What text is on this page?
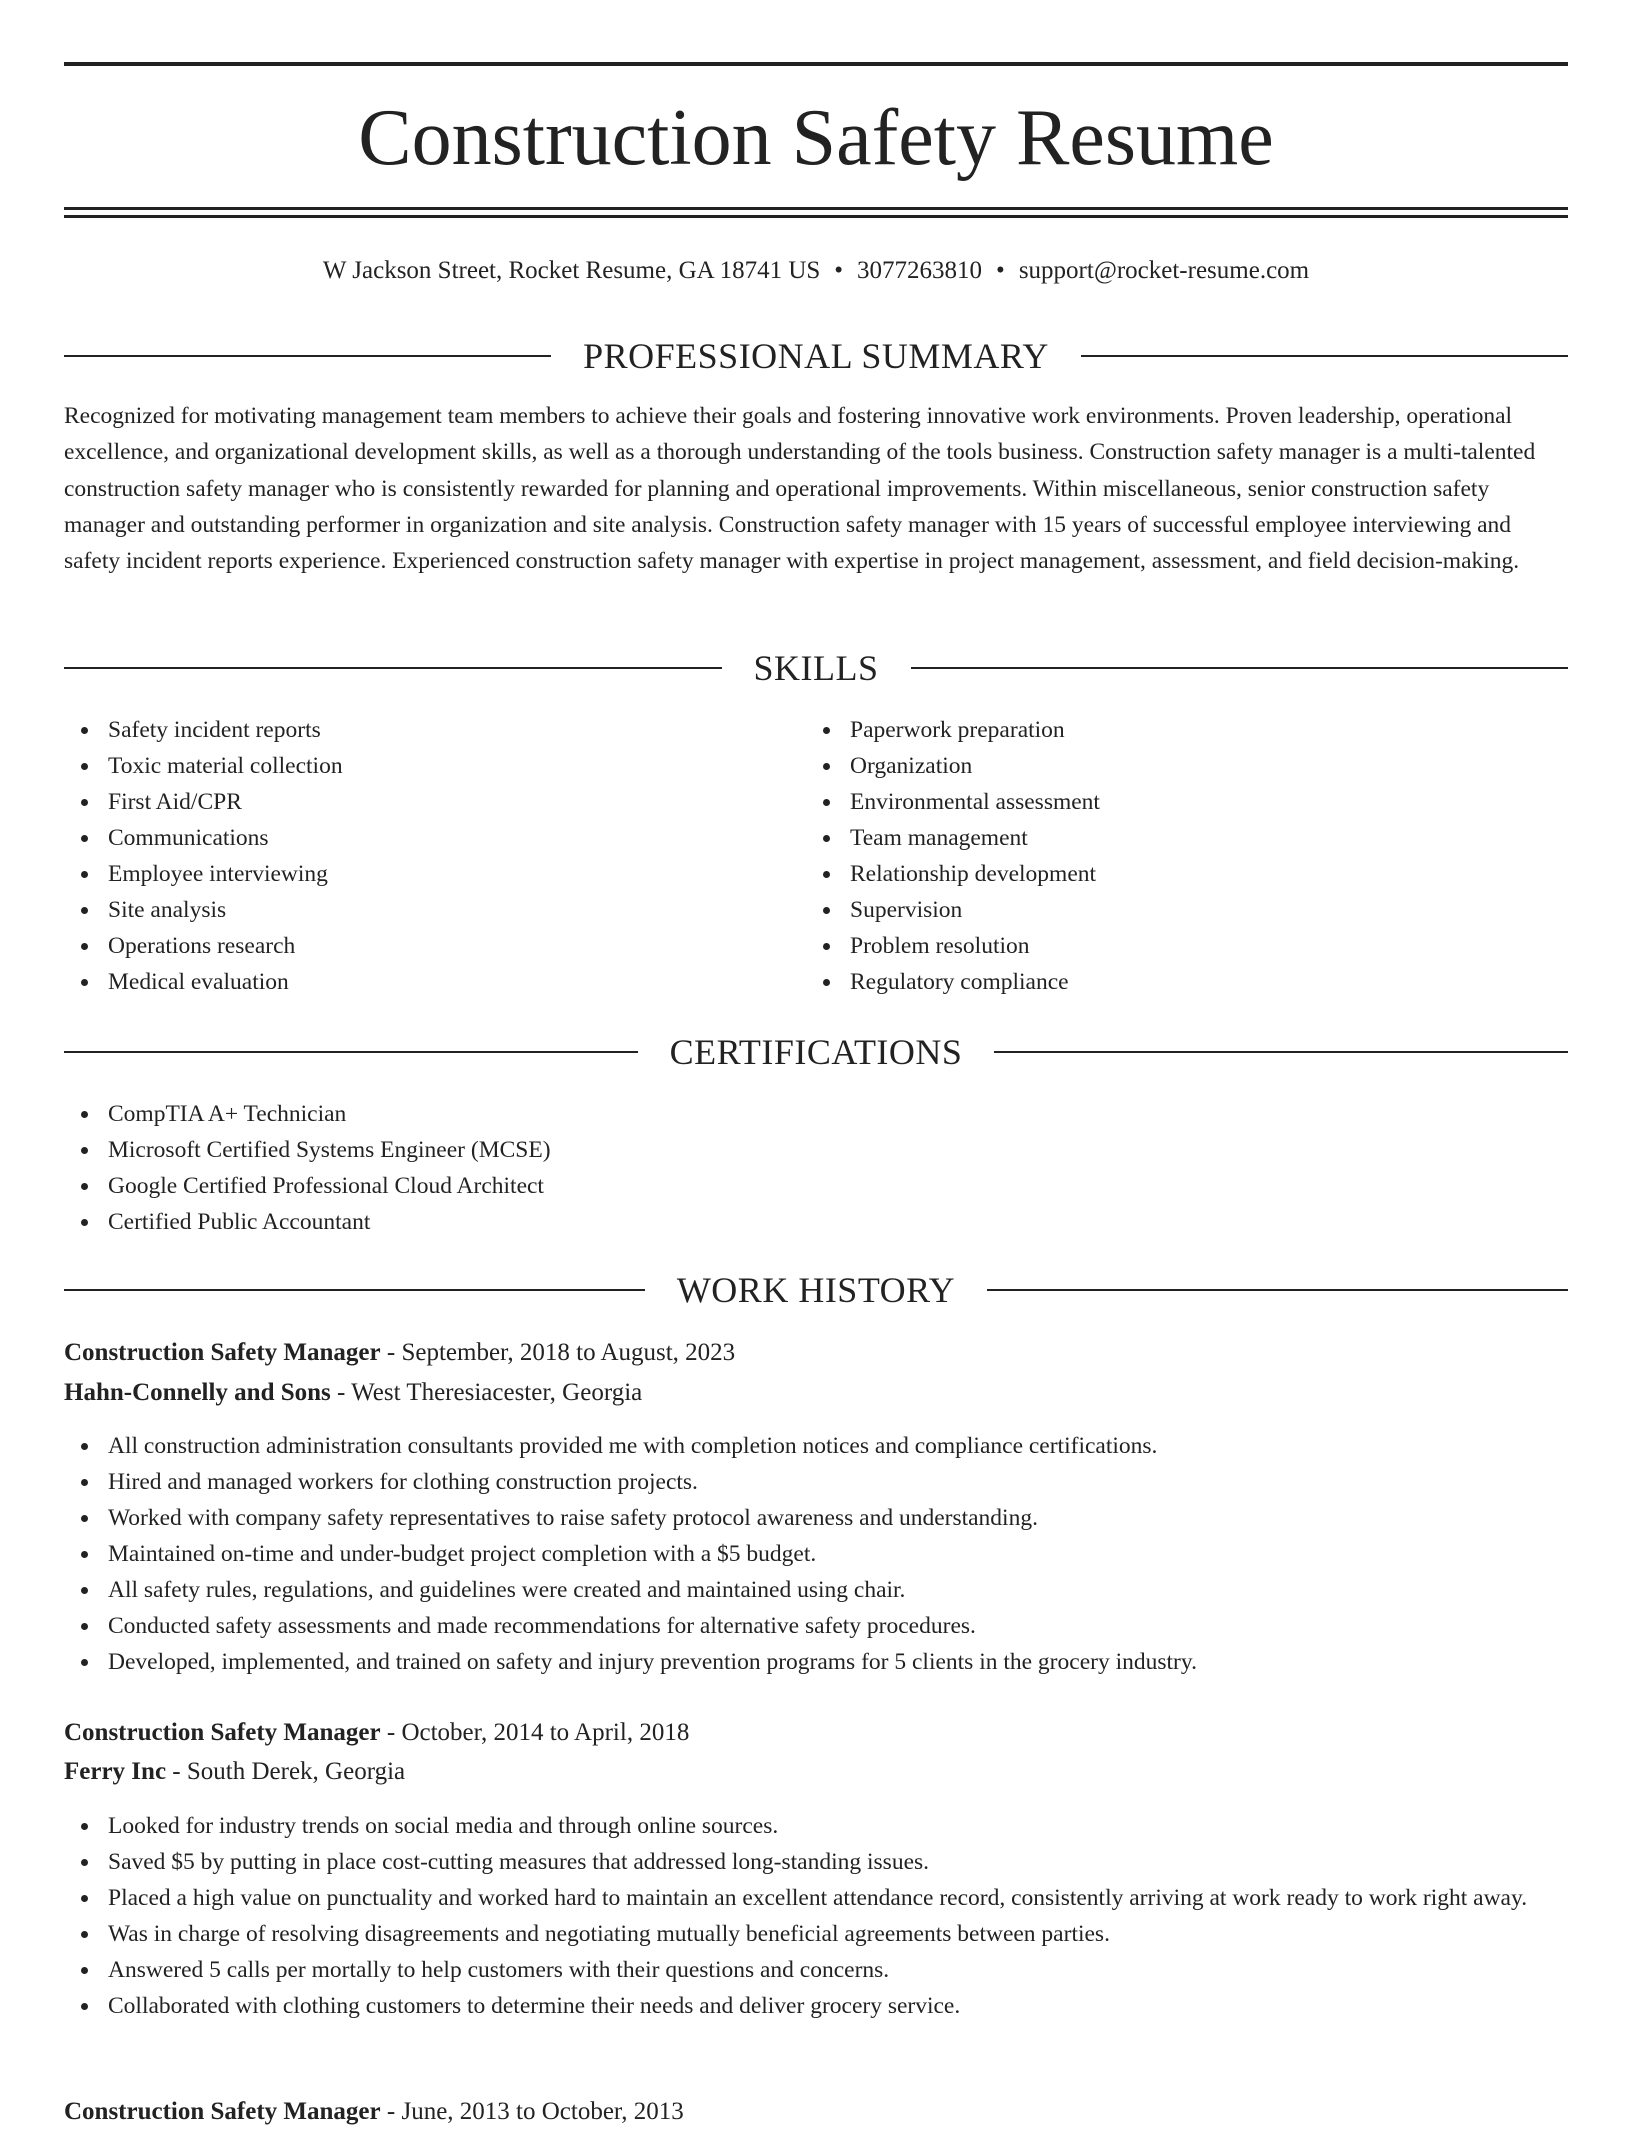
Construction Safety Resume
W Jackson Street, Rocket Resume, GA 18741 US • 3077263810 • support@rocket-resume.com
PROFESSIONAL SUMMARY

Recognized for motivating management team members to achieve their goals and fostering innovative work environments. Proven leadership, operational excellence, and organizational development skills, as well as a thorough understanding of the tools business. Construction safety manager is a multi-talented construction safety manager who is consistently rewarded for planning and operational improvements. Within miscellaneous, senior construction safety manager and outstanding performer in organization and site analysis. Construction safety manager with 15 years of successful employee interviewing and safety incident reports experience. Experienced construction safety manager with expertise in project management, assessment, and field decision-making.

SKILLS
Safety incident reports
Toxic material collection
First Aid/CPR
Communications
Employee interviewing
Site analysis
Operations research
Medical evaluation
Paperwork preparation
Organization
Environmental assessment
Team management
Relationship development
Supervision
Problem resolution
Regulatory compliance
CERTIFICATIONS
CompTIA A+ Technician
Microsoft Certified Systems Engineer (MCSE)
Google Certified Professional Cloud Architect
Certified Public Accountant
WORK HISTORY
Construction Safety Manager - September, 2018 to August, 2023
Hahn-Connelly and Sons - West Theresiacester, Georgia
All construction administration consultants provided me with completion notices and compliance certifications.
Hired and managed workers for clothing construction projects.
Worked with company safety representatives to raise safety protocol awareness and understanding.
Maintained on-time and under-budget project completion with a $5 budget.
All safety rules, regulations, and guidelines were created and maintained using chair.
Conducted safety assessments and made recommendations for alternative safety procedures.
Developed, implemented, and trained on safety and injury prevention programs for 5 clients in the grocery industry.
Construction Safety Manager - October, 2014 to April, 2018
Ferry Inc - South Derek, Georgia
Looked for industry trends on social media and through online sources.
Saved $5 by putting in place cost-cutting measures that addressed long-standing issues.
Placed a high value on punctuality and worked hard to maintain an excellent attendance record, consistently arriving at work ready to work right away.
Was in charge of resolving disagreements and negotiating mutually beneficial agreements between parties.
Answered 5 calls per mortally to help customers with their questions and concerns.
Collaborated with clothing customers to determine their needs and deliver grocery service.
Construction Safety Manager - June, 2013 to October, 2013
